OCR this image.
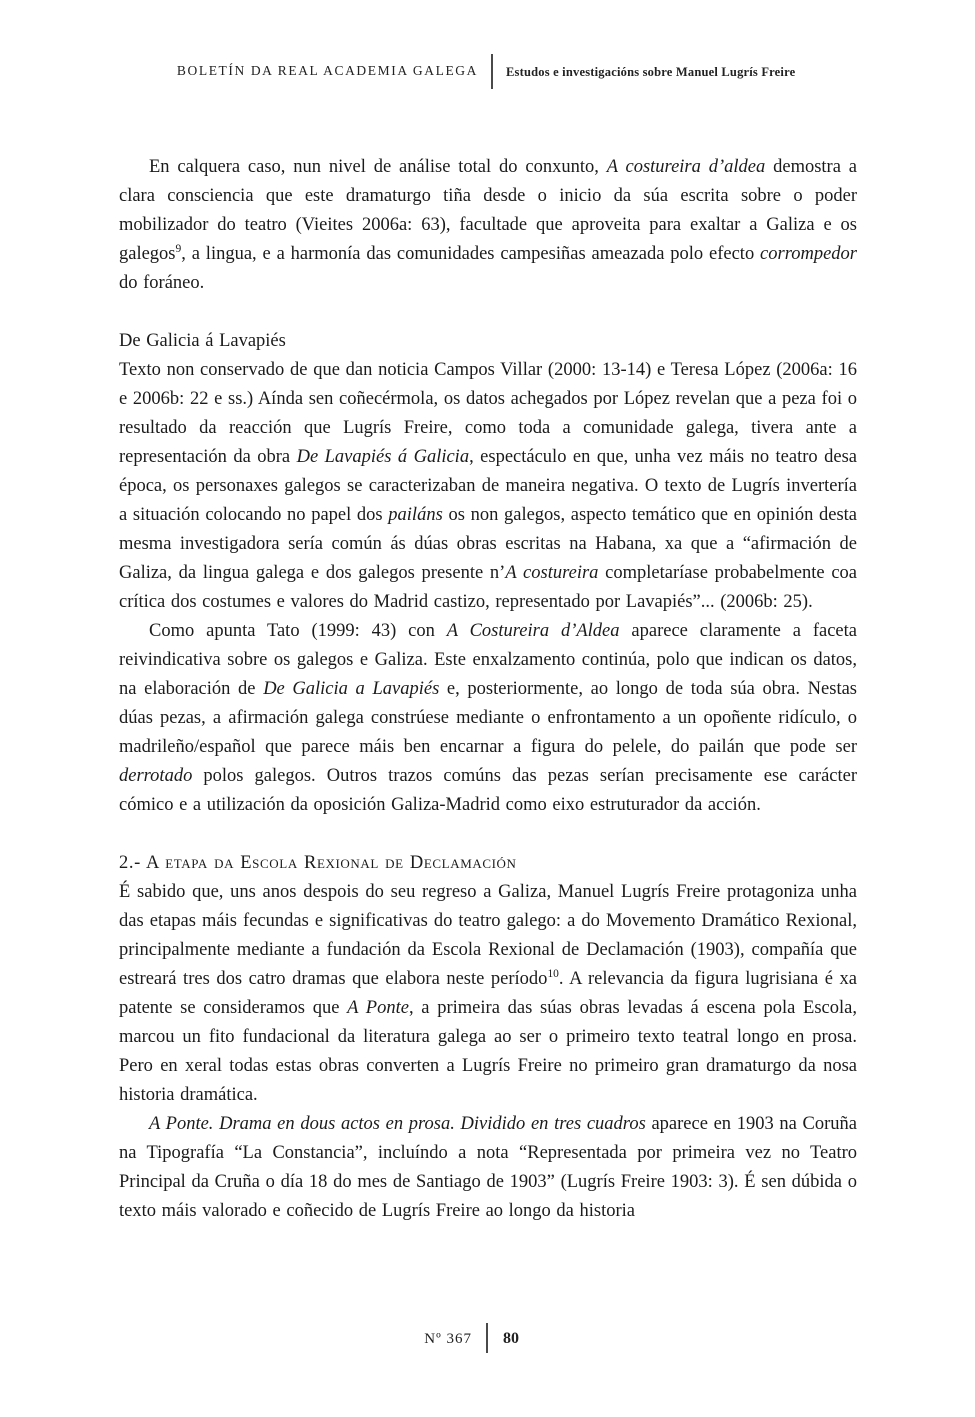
BOLETÍN DA REAL ACADEMIA GALEGA Estudos e investigacións sobre Manuel Lugrís Freire

En calquera caso, nun nivel de análise total do conxunto, A costureira d’aldea demostra a clara consciencia que este dramaturgo tiña desde o inicio da súa escrita sobre o poder mobilizador do teatro (Vieites 2006a: 63), facultade que aproveita para exaltar a Galiza e os galegos$^9$, a lingua, e a harmonía das comunidades campesiñas ameazada polo efecto corrompedor do foráneo.

De Galicia á Lavapiés

Texto non conservado de que dan noticia Campos Villar (2000: 13-14) e Teresa López (2006a: 16 e 2006b: 22 e ss.) Aínda sen coñecérmola, os datos achegados por López revelan que a peza foi o resultado da reacción que Lugrís Freire, como toda a comunidade galega, tivera ante a representación da obra De Lavapiés á Galicia, espectáculo en que, unha vez máis no teatro desa época, os personaxes galegos se caracterizaban de maneira negativa. O texto de Lugrís invertería a situación colocando no papel dos pailáns os non galegos, aspecto temático que en opinión desta mesma investigadora sería común ás dúas obras escritas na Habana, xa que a “afirmación de Galiza, da lingua galega e dos galegos presente n’A costureira completaríase probabelmente coa crítica dos costumes e valores do Madrid castizo, representado por Lavapiés”... (2006b: 25).

Como apunta Tato (1999: 43) con A Costureira d’Aldea aparece claramente a faceta reivindicativa sobre os galegos e Galiza. Este enxalzamento continúa, polo que indican os datos, na elaboración de De Galicia a Lavapiés e, posteriormente, ao longo de toda súa obra. Nestas dúas pezas, a afirmación galega constrúese mediante o enfrontamento a un opoñente ridículo, o madrileño/español que parece máis ben encarnar a figura do pelele, do pailán que pode ser derrotado polos galegos. Outros trazos comúns das pezas serían precisamente ese carácter cómico e a utilización da oposición Galiza-Madrid como eixo estruturador da acción.

2.- A etapa da Escola Rexional de Declamación

É sabido que, uns anos despois do seu regreso a Galiza, Manuel Lugrís Freire protagoniza unha das etapas máis fecundas e significativas do teatro galego: a do Movemento Dramático Rexional, principalmente mediante a fundación da Escola Rexional de Declamación (1903), compañía que estreará tres dos catro dramas que elabora neste período$^{10}$. A relevancia da figura lugrisiana é xa patente se consideramos que A Ponte, a primeira das súas obras levadas á escena pola Escola, marcou un fito fundacional da literatura galega ao ser o primeiro texto teatral longo en prosa. Pero en xeral todas estas obras converten a Lugrís Freire no primeiro gran dramaturgo da nosa historia dramática.

A Ponte. Drama en dous actos en prosa. Dividido en tres cuadros aparece en 1903 na Coruña na Tipografía “La Constancia”, incluíndo a nota “Representada por primeira vez no Teatro Principal da Cruña o día 18 do mes de Santiago de 1903” (Lugrís Freire 1903: 3). É sen dúbida o texto máis valorado e coñecido de Lugrís Freire ao longo da historia

Nº 367 80
